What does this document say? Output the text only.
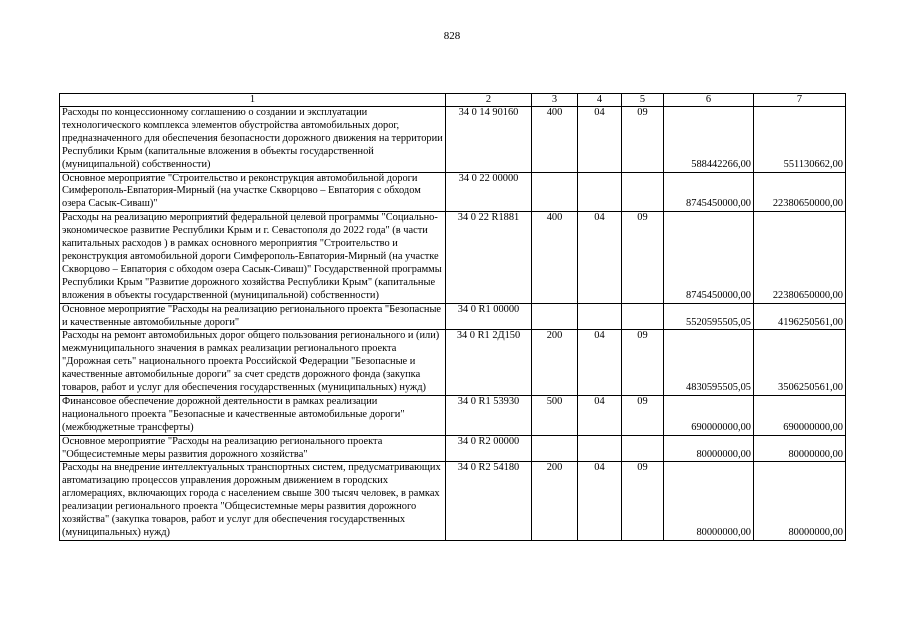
828
1	2	3	4	5	6	7
Расходы по концессионному соглашению о создании и эксплуатации технологического комплекса элементов обустройства автомобильных дорог, предназначенного для обеспечения безопасности дорожного движения на территории Республики Крым (капитальные вложения в объекты государственной (муниципальной) собственности)	34 0 14 90160	400	04	09	588442266,00	551130662,00
Основное мероприятие "Строительство и реконструкция автомобильной дороги Симферополь-Евпатория-Мирный (на участке Скворцово – Евпатория с обходом озера Сасык-Сиваш)"	34 0 22 00000				8745450000,00	22380650000,00
Расходы на реализацию мероприятий федеральной целевой программы "Социально-экономическое развитие Республики Крым и г. Севастополя до 2022 года" (в части капитальных расходов ) в рамках основного мероприятия "Строительство и реконструкция автомобильной дороги Симферополь-Евпатория-Мирный (на участке Скворцово – Евпатория с обходом озера Сасык-Сиваш)" Государственной программы Республики Крым "Развитие дорожного хозяйства Республики Крым" (капитальные вложения в объекты государственной (муниципальной) собственности)	34 0 22 R1881	400	04	09	8745450000,00	22380650000,00
Основное мероприятие "Расходы на реализацию регионального проекта "Безопасные и качественные автомобильные дороги"	34 0 R1 00000				5520595505,05	4196250561,00
Расходы на ремонт автомобильных дорог общего пользования регионального и (или) межмуниципального значения в рамках реализации регионального проекта "Дорожная сеть" национального проекта Российской Федерации "Безопасные и качественные автомобильные дороги" за счет средств дорожного фонда (закупка товаров, работ и услуг для обеспечения государственных (муниципальных) нужд)	34 0 R1 2Д150	200	04	09	4830595505,05	3506250561,00
Финансовое обеспечение дорожной деятельности в рамках реализации национального проекта "Безопасные и качественные автомобильные дороги" (межбюджетные трансферты)	34 0 R1 53930	500	04	09	690000000,00	690000000,00
Основное мероприятие "Расходы на реализацию регионального проекта "Общесистемные меры развития дорожного хозяйства"	34 0 R2 00000				80000000,00	80000000,00
Расходы на внедрение интеллектуальных транспортных систем, предусматривающих автоматизацию процессов управления дорожным движением в городских агломерациях, включающих города с населением свыше 300 тысяч человек, в рамках реализации регионального проекта "Общесистемные меры развития дорожного хозяйства" (закупка товаров, работ и услуг для обеспечения государственных (муниципальных) нужд)	34 0 R2 54180	200	04	09	80000000,00	80000000,00
